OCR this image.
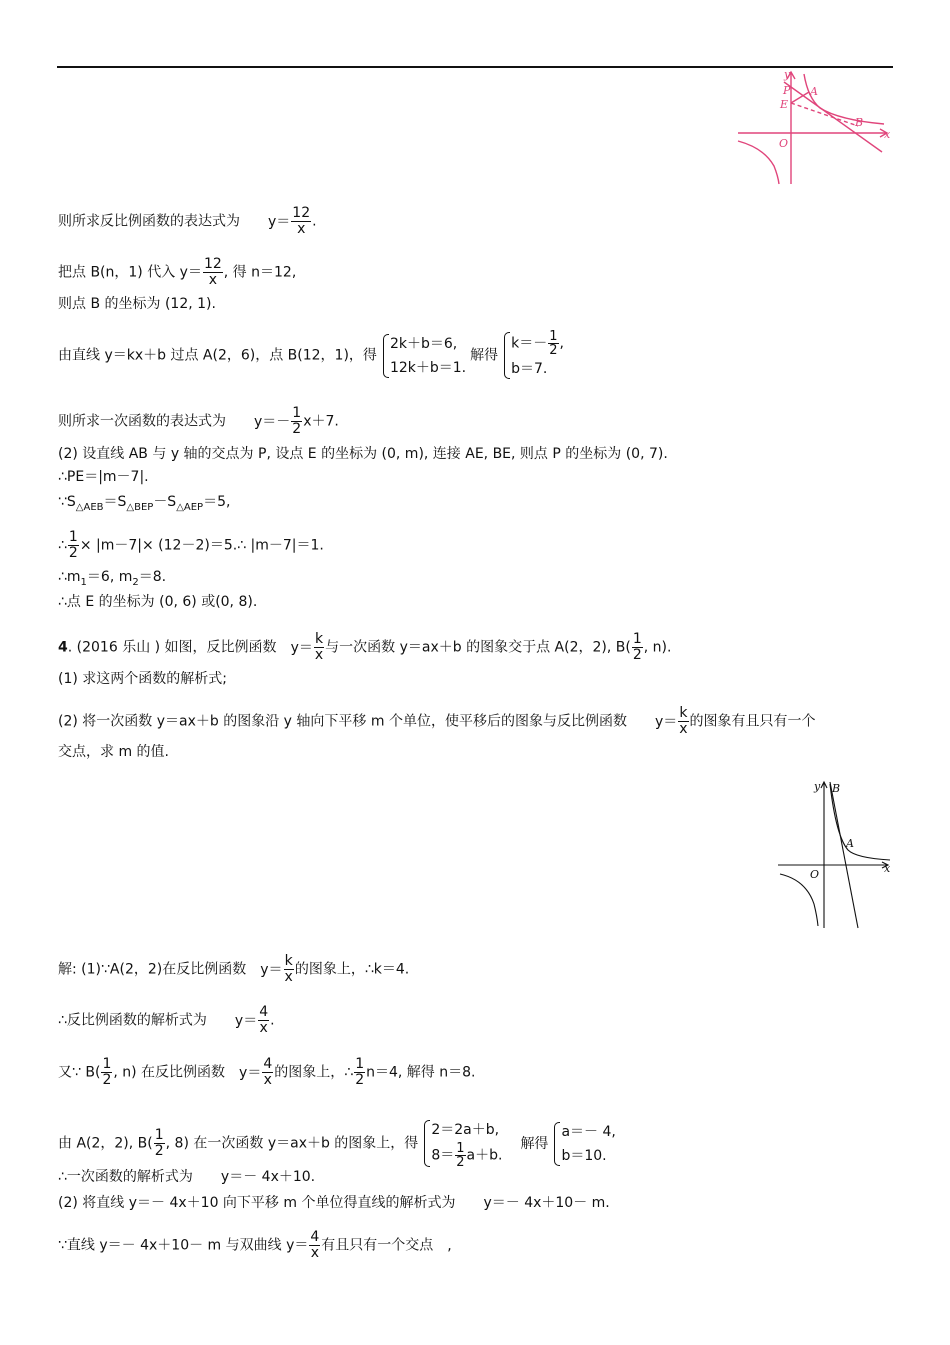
y
x
O
A
B
P
E
y
x
O
B
A
则所求反比例函数的表达式为 $y= \frac{12}{x}$ .
把点 B(n，1) 代入 $y= \frac{12}{x}$ , 得 n＝12,
则点 B 的坐标为 (12, 1).
由直线 y＝kx＋b 过点 A(2，6)，点 B(12，1)，得
2k＋b＝6,
12k＋b＝1.
解得
$k=- \frac{1}{2}$ ,
b＝7.
则所求一次函数的表达式为 $y=- \frac{1}{2} x+7$.
(2) 设直线 AB 与 y 轴的交点为 P, 设点 E 的坐标为 (0, m), 连接 AE, BE, 则点 P 的坐标为 (0, 7).
∴PE＝|m－7|.
$\because S_{\triangle AEB}=S_{\triangle BEP}-S_{\triangle AEP}=5$,
∴ $\frac{1}{2} \times |m-7|\times$ (12－2)＝5.∴ |m－7|＝1.
$\therefore m_1=6$, $m_2=8$.
∴点 E 的坐标为 (0, 6) 或(0, 8).
4. (2016 乐山 ) 如图，反比例函数 $y= \frac{k}{x}$ 与一次函数 y＝ax＋b 的图象交于点 A(2，2), $B( \frac{1}{2}$ , n).
(1) 求这两个函数的解析式;
(2) 将一次函数 y＝ax＋b 的图象沿 y 轴向下平移 m 个单位，使平移后的图象与反比例函数 $y= \frac{k}{x}$ 的图象有且只有一个
交点，求 m 的值.
解: (1)∵A(2，2)在反比例函数 $y= \frac{k}{x}$ 的图象上，∴k＝4.
∴反比例函数的解析式为 $y= \frac{4}{x}$ .
又∵ $B( \frac{1}{2}$ , n) 在反比例函数 $y= \frac{4}{x}$ 的图象上，∴ $\frac{1}{2} n=4$, 解得 n＝8.
由 A(2，2), $B( \frac{1}{2}$ , 8) 在一次函数 y＝ax＋b 的图象上，得
2＝2a＋b,
$8= \frac{1}{2} a+b$.
解得
a＝－ 4,
b＝10.
∴一次函数的解析式为 y＝－ 4x＋10.
(2) 将直线 y＝－ 4x＋10 向下平移 m 个单位得直线的解析式为 y＝－ 4x＋10－ m.
∵直线 y＝－ 4x＋10－ m 与双曲线 $y= \frac{4}{x}$ 有且只有一个交点 ,
